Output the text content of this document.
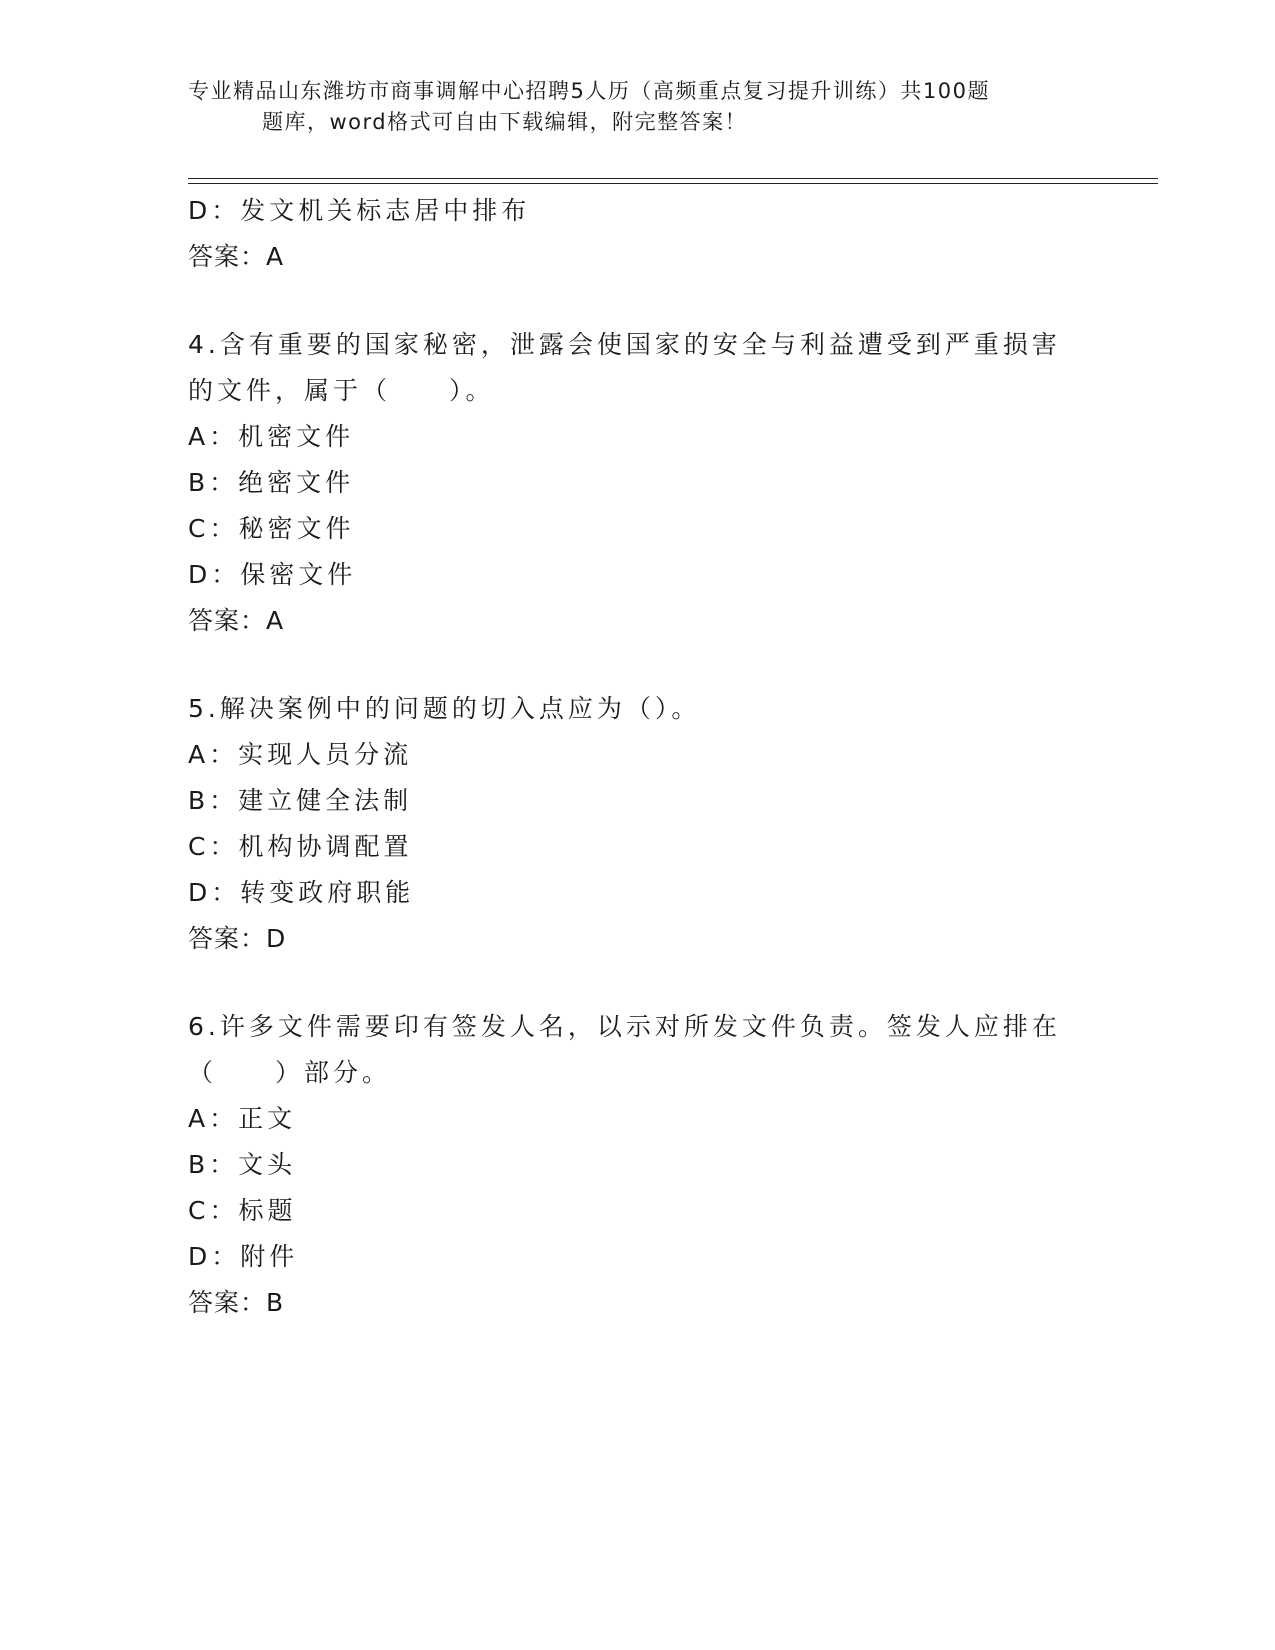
专业精品山东潍坊市商事调解中心招聘5人历（高频重点复习提升训练）共100题
题库，word格式可自由下载编辑，附完整答案！
D：发文机关标志居中排布
答案：A
4.含有重要的国家秘密，泄露会使国家的安全与利益遭受到严重损害
的文件，属于（　　）。
A：机密文件
B：绝密文件
C：秘密文件
D：保密文件
答案：A
5.解决案例中的问题的切入点应为（）。
A：实现人员分流
B：建立健全法制
C：机构协调配置
D：转变政府职能
答案：D
6.许多文件需要印有签发人名，以示对所发文件负责。签发人应排在
（　　）部分。
A：正文
B：文头
C：标题
D：附件
答案：B
